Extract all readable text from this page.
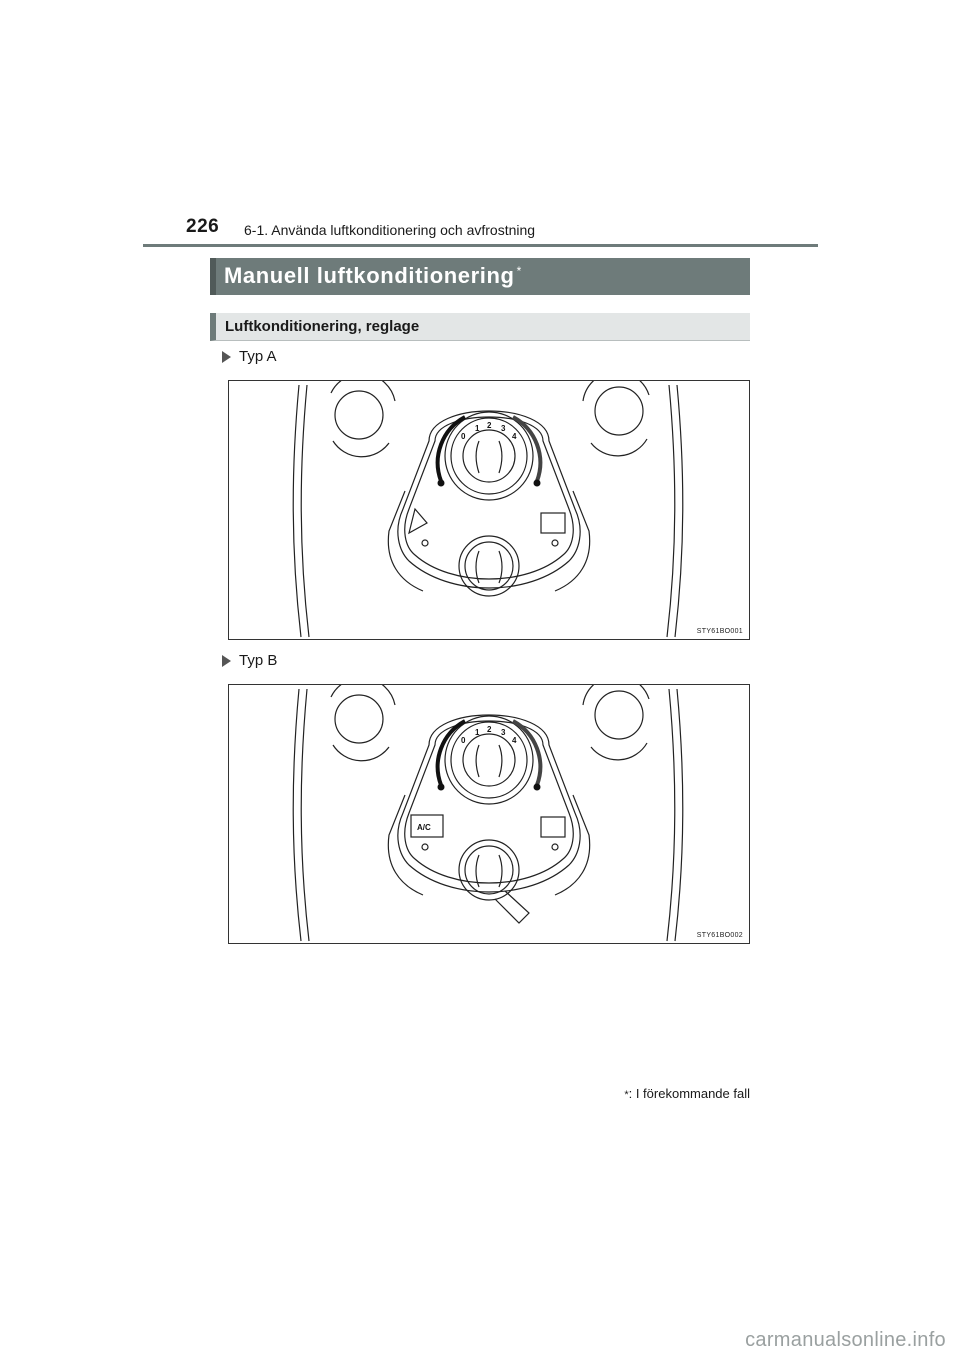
226 6-1. Använda luftkonditionering och avfrostning
Manuell luftkonditionering *
Luftkonditionering, reglage
Typ A
0
1 2 3
4
STY61BO001
Typ B
0
1 2 3
4
A/C
STY61BO002
*: I förekommande fall
carmanualsonline.info
